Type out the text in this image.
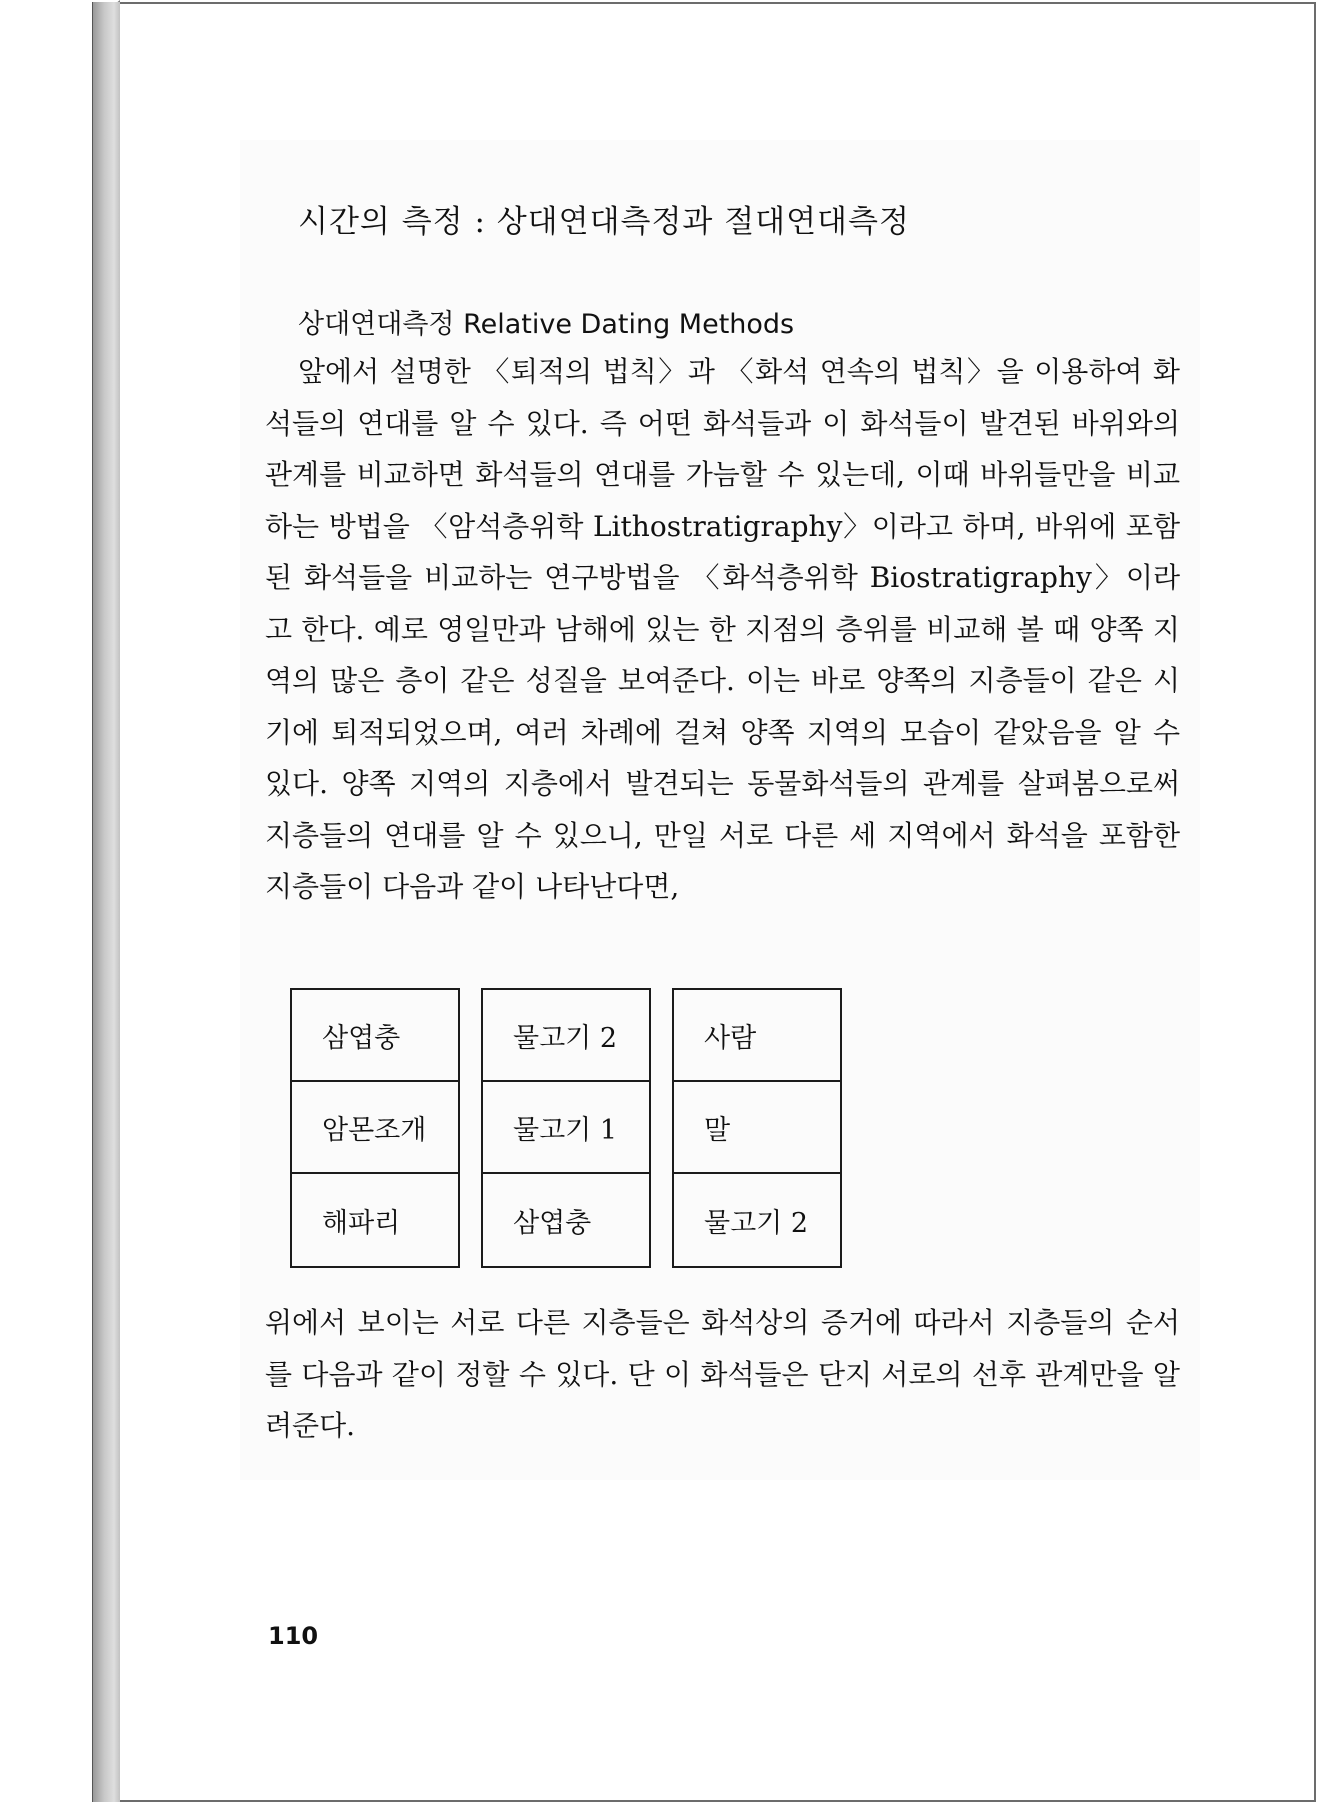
시간의 측정 : 상대연대측정과 절대연대측정
상대연대측정 Relative Dating Methods

앞에서 설명한 〈퇴적의 법칙〉과 〈화석 연속의 법칙〉을 이용하여 화석들의 연대를 알 수 있다. 즉 어떤 화석들과 이 화석들이 발견된 바위와의 관계를 비교하면 화석들의 연대를 가늠할 수 있는데, 이때 바위들만을 비교하는 방법을 〈암석층위학 Lithostratigraphy〉이라고 하며, 바위에 포함된 화석들을 비교하는 연구방법을 〈화석층위학 Biostratigraphy〉이라고 한다. 예로 영일만과 남해에 있는 한 지점의 층위를 비교해 볼 때 양쪽 지역의 많은 층이 같은 성질을 보여준다. 이는 바로 양쪽의 지층들이 같은 시기에 퇴적되었으며, 여러 차례에 걸쳐 양쪽 지역의 모습이 같았음을 알 수 있다. 양쪽 지역의 지층에서 발견되는 동물화석들의 관계를 살펴봄으로써 지층들의 연대를 알 수 있으니, 만일 서로 다른 세 지역에서 화석을 포함한 지층들이 다음과 같이 나타난다면,

삼엽충
암몬조개
해파리
물고기 2
물고기 1
삼엽충
사람
말
물고기 2

위에서 보이는 서로 다른 지층들은 화석상의 증거에 따라서 지층들의 순서를 다음과 같이 정할 수 있다. 단 이 화석들은 단지 서로의 선후 관계만을 알려준다.

110
